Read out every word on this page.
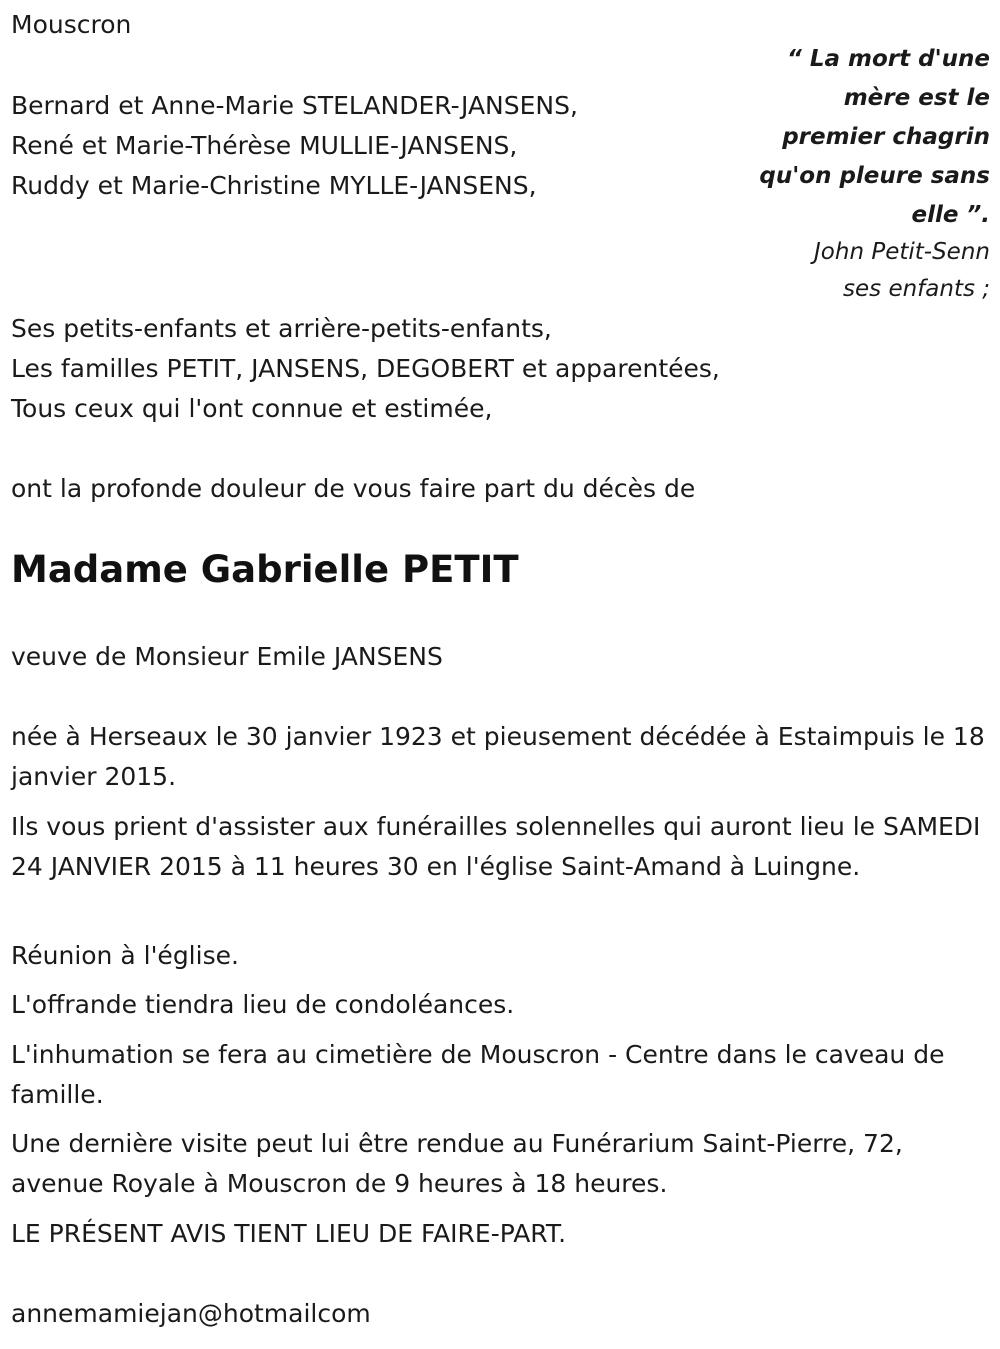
Mouscron
“ La mort d'une mère est le premier chagrin qu'on pleure sans elle ”.
John Petit-Senn
ses enfants ;
Bernard et Anne-Marie STELANDER-JANSENS,
René et Marie-Thérèse MULLIE-JANSENS,
Ruddy et Marie-Christine MYLLE-JANSENS,
Ses petits-enfants et arrière-petits-enfants,
Les familles PETIT, JANSENS, DEGOBERT et apparentées,
Tous ceux qui l'ont connue et estimée,
ont la profonde douleur de vous faire part du décès de
Madame Gabrielle PETIT
veuve de Monsieur Emile JANSENS
née à Herseaux le 30 janvier 1923 et pieusement décédée à Estaimpuis le 18 janvier 2015.
Ils vous prient d'assister aux funérailles solennelles qui auront lieu le SAMEDI 24 JANVIER 2015 à 11 heures 30 en l'église Saint-Amand à Luingne.
Réunion à l'église.
L'offrande tiendra lieu de condoléances.
L'inhumation se fera au cimetière de Mouscron - Centre dans le caveau de famille.
Une dernière visite peut lui être rendue au Funérarium Saint-Pierre, 72, avenue Royale à Mouscron de 9 heures à 18 heures.
LE PRÉSENT AVIS TIENT LIEU DE FAIRE-PART.
annemamiejan@hotmailcom
